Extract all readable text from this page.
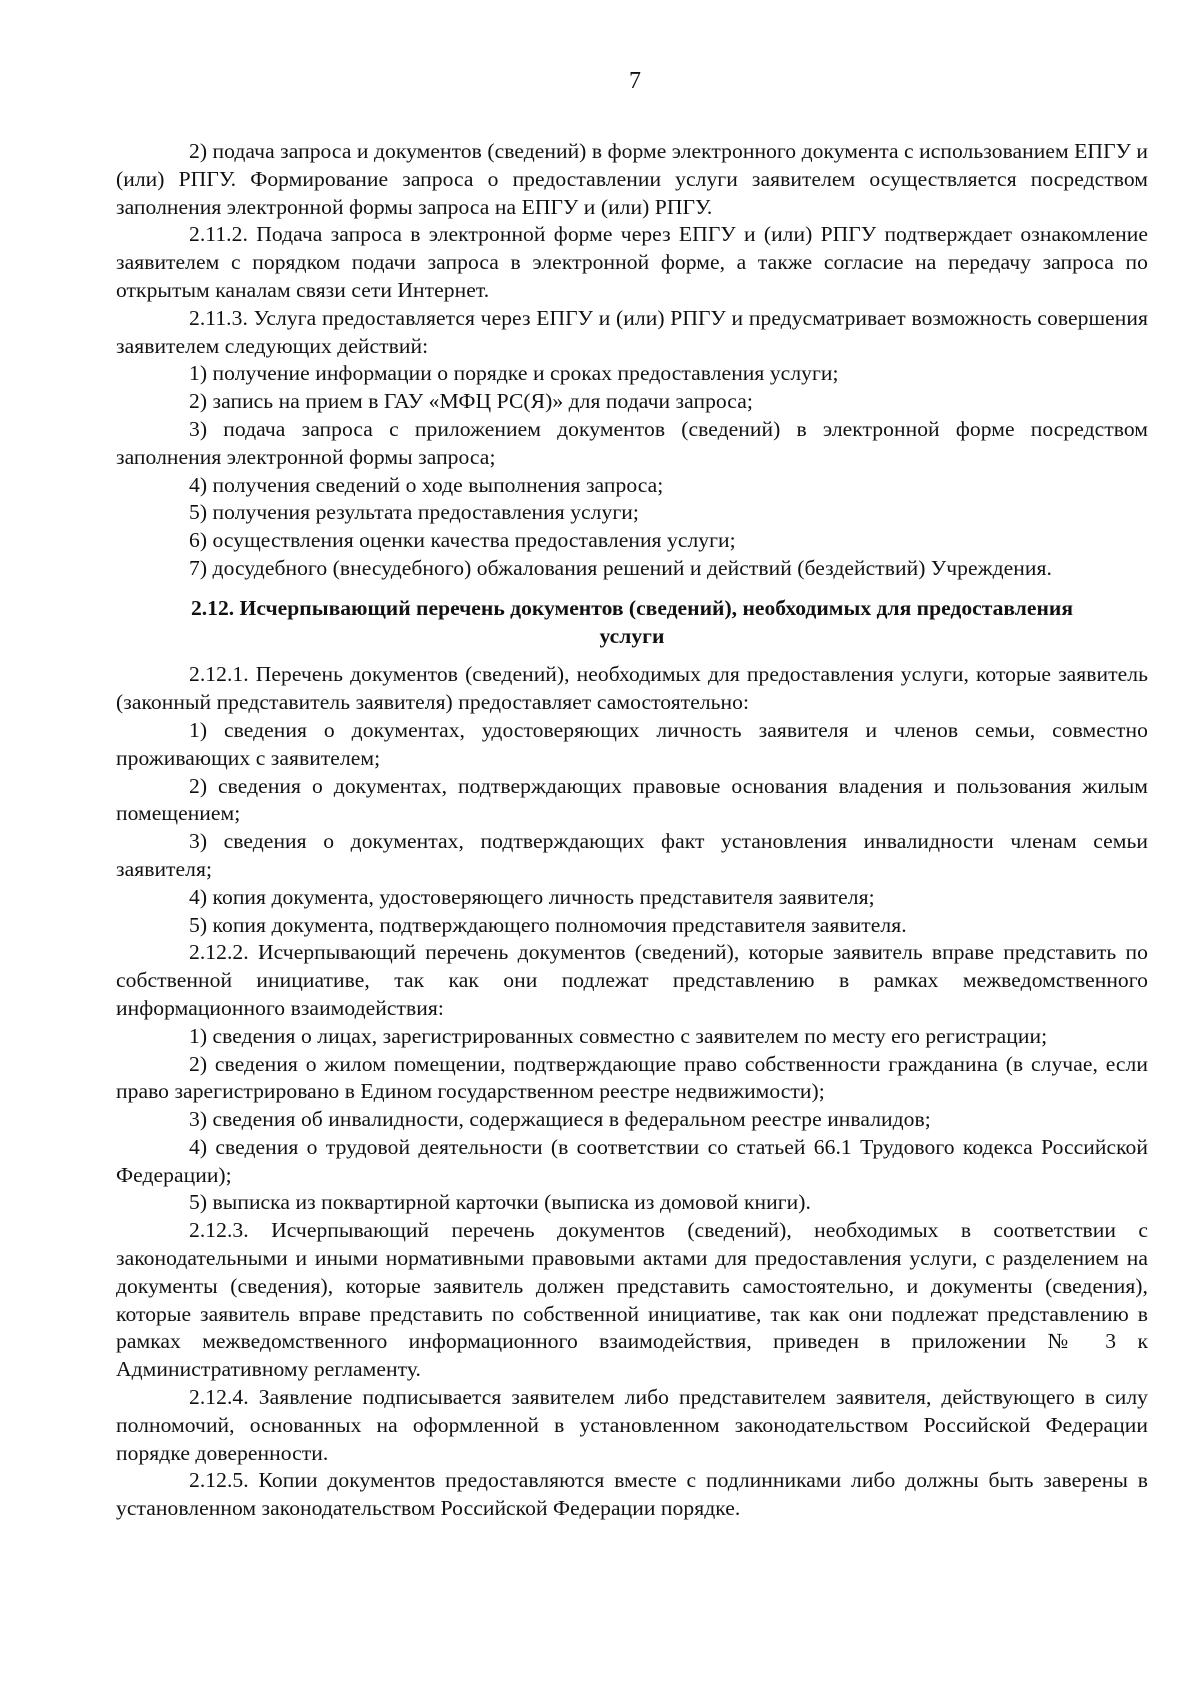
7

2) подача запроса и документов (сведений) в форме электронного документа с использованием ЕПГУ и (или) РПГУ. Формирование запроса о предоставлении услуги заявителем осуществляется посредством заполнения электронной формы запроса на ЕПГУ и (или) РПГУ.

2.11.2. Подача запроса в электронной форме через ЕПГУ и (или) РПГУ подтверждает ознакомление заявителем с порядком подачи запроса в электронной форме, а также согласие на передачу запроса по открытым каналам связи сети Интернет.

2.11.3. Услуга предоставляется через ЕПГУ и (или) РПГУ и предусматривает возможность совершения заявителем следующих действий:

1) получение информации о порядке и сроках предоставления услуги;

2) запись на прием в ГАУ «МФЦ РС(Я)» для подачи запроса;

3) подача запроса с приложением документов (сведений) в электронной форме посредством заполнения электронной формы запроса;

4) получения сведений о ходе выполнения запроса;

5) получения результата предоставления услуги;

6) осуществления оценки качества предоставления услуги;

7) досудебного (внесудебного) обжалования решений и действий (бездействий) Учреждения.

2.12. Исчерпывающий перечень документов (сведений), необходимых для предоставления
услуги

2.12.1. Перечень документов (сведений), необходимых для предоставления услуги, которые заявитель (законный представитель заявителя) предоставляет самостоятельно:

1) сведения о документах, удостоверяющих личность заявителя и членов семьи, совместно проживающих с заявителем;

2) сведения о документах, подтверждающих правовые основания владения и пользования жилым помещением;

3) сведения о документах, подтверждающих факт установления инвалидности членам семьи заявителя;

4) копия документа, удостоверяющего личность представителя заявителя;

5) копия документа, подтверждающего полномочия представителя заявителя.

2.12.2. Исчерпывающий перечень документов (сведений), которые заявитель вправе представить по собственной инициативе, так как они подлежат представлению в рамках межведомственного информационного взаимодействия:

1) сведения о лицах, зарегистрированных совместно с заявителем по месту его регистрации;

2) сведения о жилом помещении, подтверждающие право собственности гражданина (в случае, если право зарегистрировано в Едином государственном реестре недвижимости);

3) сведения об инвалидности, содержащиеся в федеральном реестре инвалидов;

4) сведения о трудовой деятельности (в соответствии со статьей 66.1 Трудового кодекса Российской Федерации);

5) выписка из поквартирной карточки (выписка из домовой книги).

2.12.3. Исчерпывающий перечень документов (сведений), необходимых в соответствии с законодательными и иными нормативными правовыми актами для предоставления услуги, с разделением на документы (сведения), которые заявитель должен представить самостоятельно, и документы (сведения), которые заявитель вправе представить по собственной инициативе, так как они подлежат представлению в рамках межведомственного информационного взаимодействия, приведен в приложении № 3 к Административному регламенту.

2.12.4. Заявление подписывается заявителем либо представителем заявителя, действующего в силу полномочий, основанных на оформленной в установленном законодательством Российской Федерации порядке доверенности.

2.12.5. Копии документов предоставляются вместе с подлинниками либо должны быть заверены в установленном законодательством Российской Федерации порядке.
